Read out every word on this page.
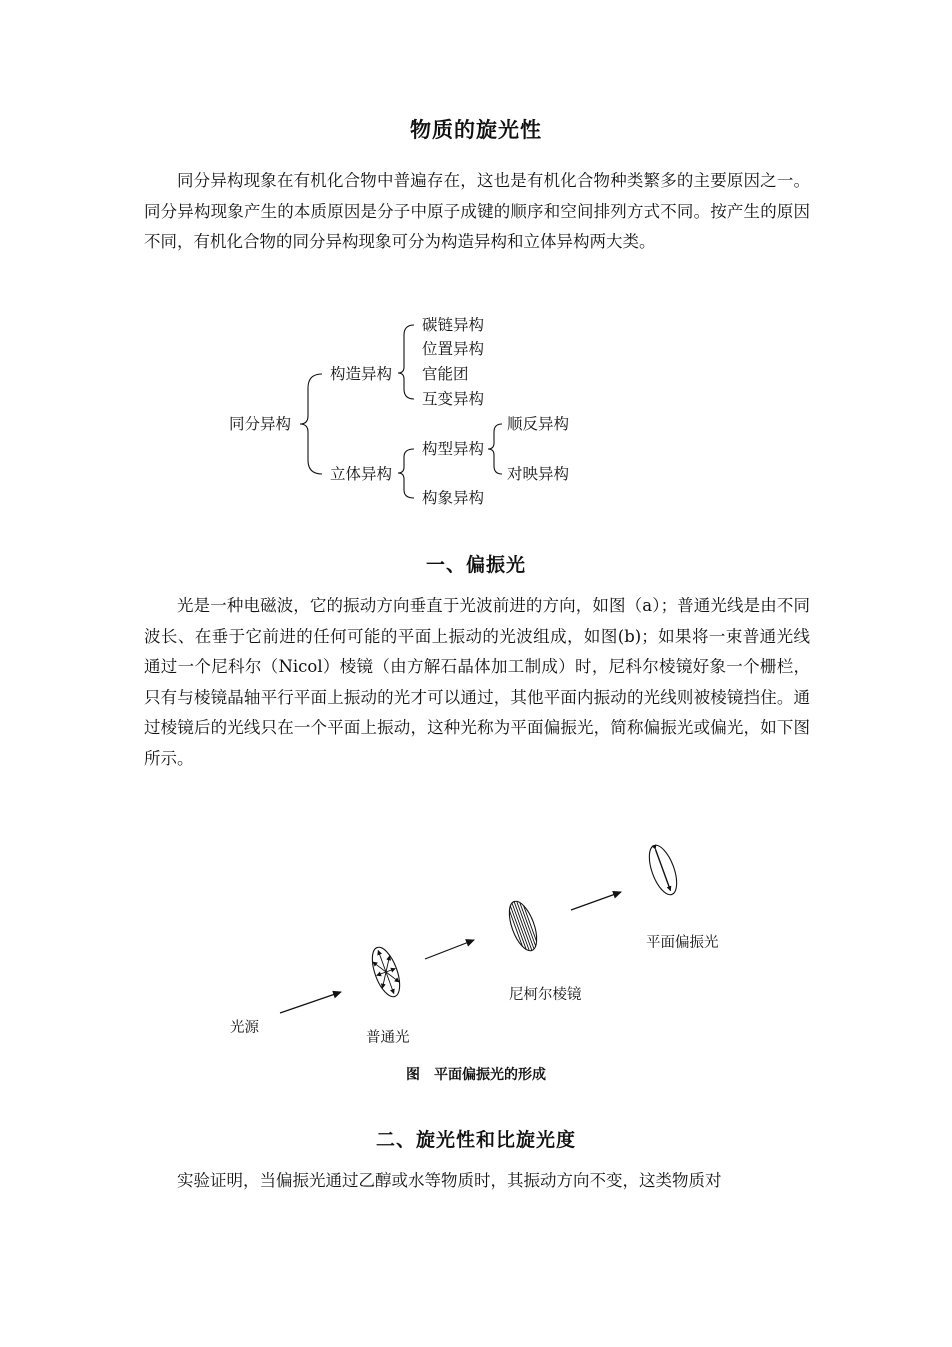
物质的旋光性

同分异构现象在有机化合物中普遍存在，这也是有机化合物种类繁多的主要原因之一。同分异构现象产生的本质原因是分子中原子成键的顺序和空间排列方式不同。按产生的原因不同，有机化合物的同分异构现象可分为构造异构和立体异构两大类。

同分异构
构造异构
立体异构
碳链异构
位置异构
官能团
互变异构
构型异构
构象异构
顺反异构
对映异构
一、偏振光

光是一种电磁波，它的振动方向垂直于光波前进的方向，如图（a）；普通光线是由不同波长、在垂于它前进的任何可能的平面上振动的光波组成，如图(b)；如果将一束普通光线通过一个尼科尔（Nicol）棱镜（由方解石晶体加工制成）时，尼科尔棱镜好象一个栅栏，只有与棱镜晶轴平行平面上振动的光才可以通过，其他平面内振动的光线则被棱镜挡住。通过棱镜后的光线只在一个平面上振动，这种光称为平面偏振光，简称偏振光或偏光，如下图所示。

光源
普通光
尼柯尔棱镜
平面偏振光
图　平面偏振光的形成
二、旋光性和比旋光度

实验证明，当偏振光通过乙醇或水等物质时，其振动方向不变，这类物质对
